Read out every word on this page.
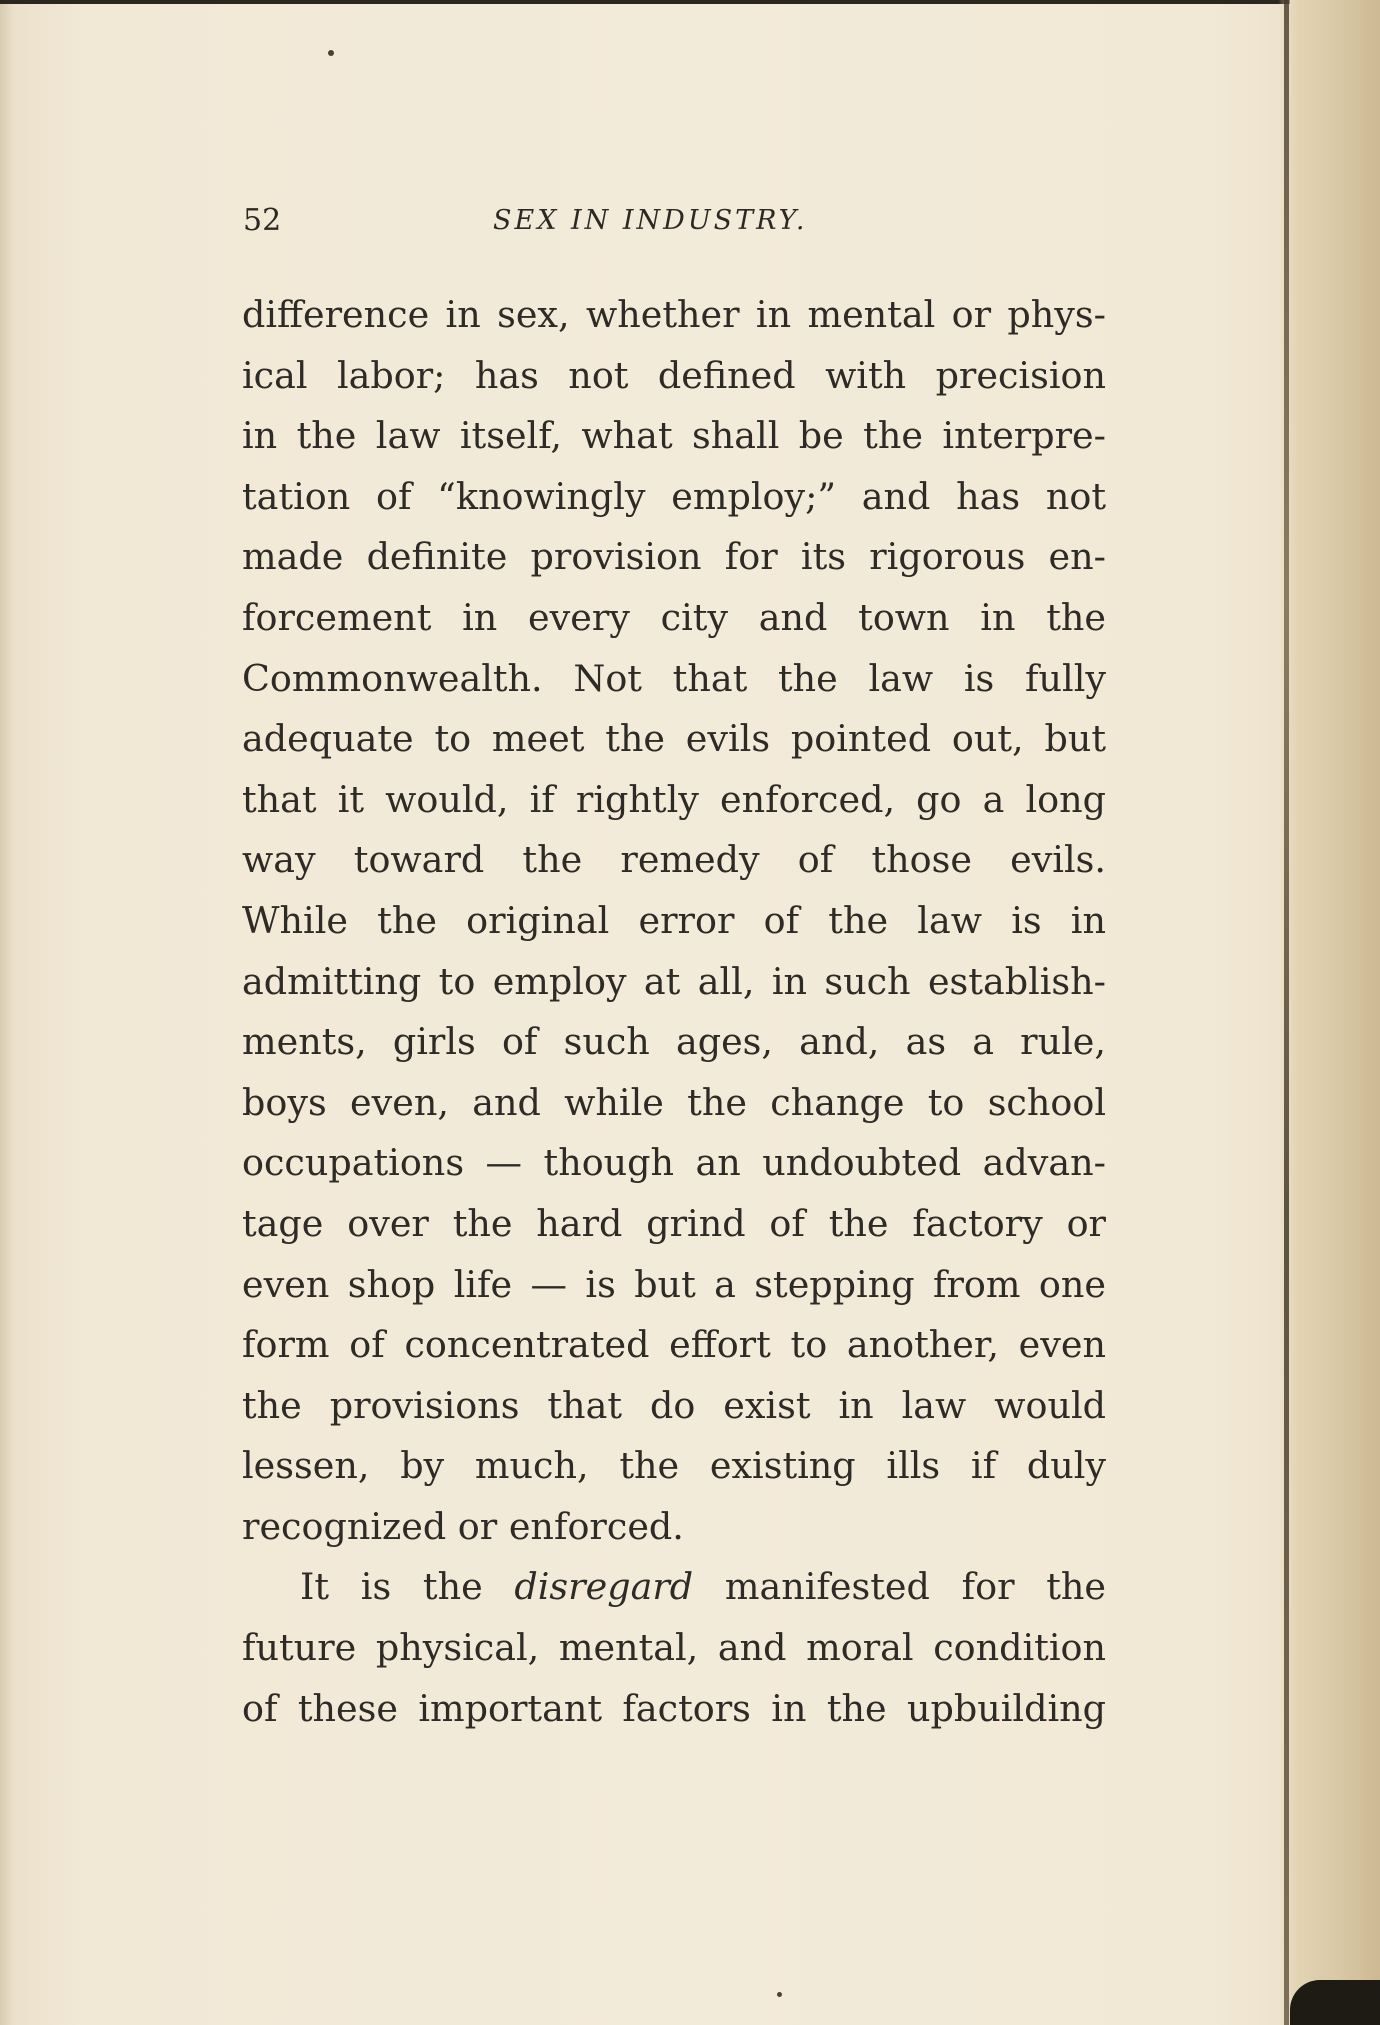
52	SEX IN INDUSTRY.
difference in sex, whether in mental or phys-
ical labor; has not defined with precision
in the law itself, what shall be the interpre-
tation of “knowingly employ;” and has not
made definite provision for its rigorous en-
forcement in every city and town in the
Commonwealth. Not that the law is fully
adequate to meet the evils pointed out, but
that it would, if rightly enforced, go a long
way toward the remedy of those evils.
While the original error of the law is in
admitting to employ at all, in such establish-
ments, girls of such ages, and, as a rule,
boys even, and while the change to school
occupations — though an undoubted advan-
tage over the hard grind of the factory or
even shop life — is but a stepping from one
form of concentrated effort to another, even
the provisions that do exist in law would
lessen, by much, the existing ills if duly
recognized or enforced.
It is the disregard manifested for the
future physical, mental, and moral condition
of these important factors in the upbuilding
